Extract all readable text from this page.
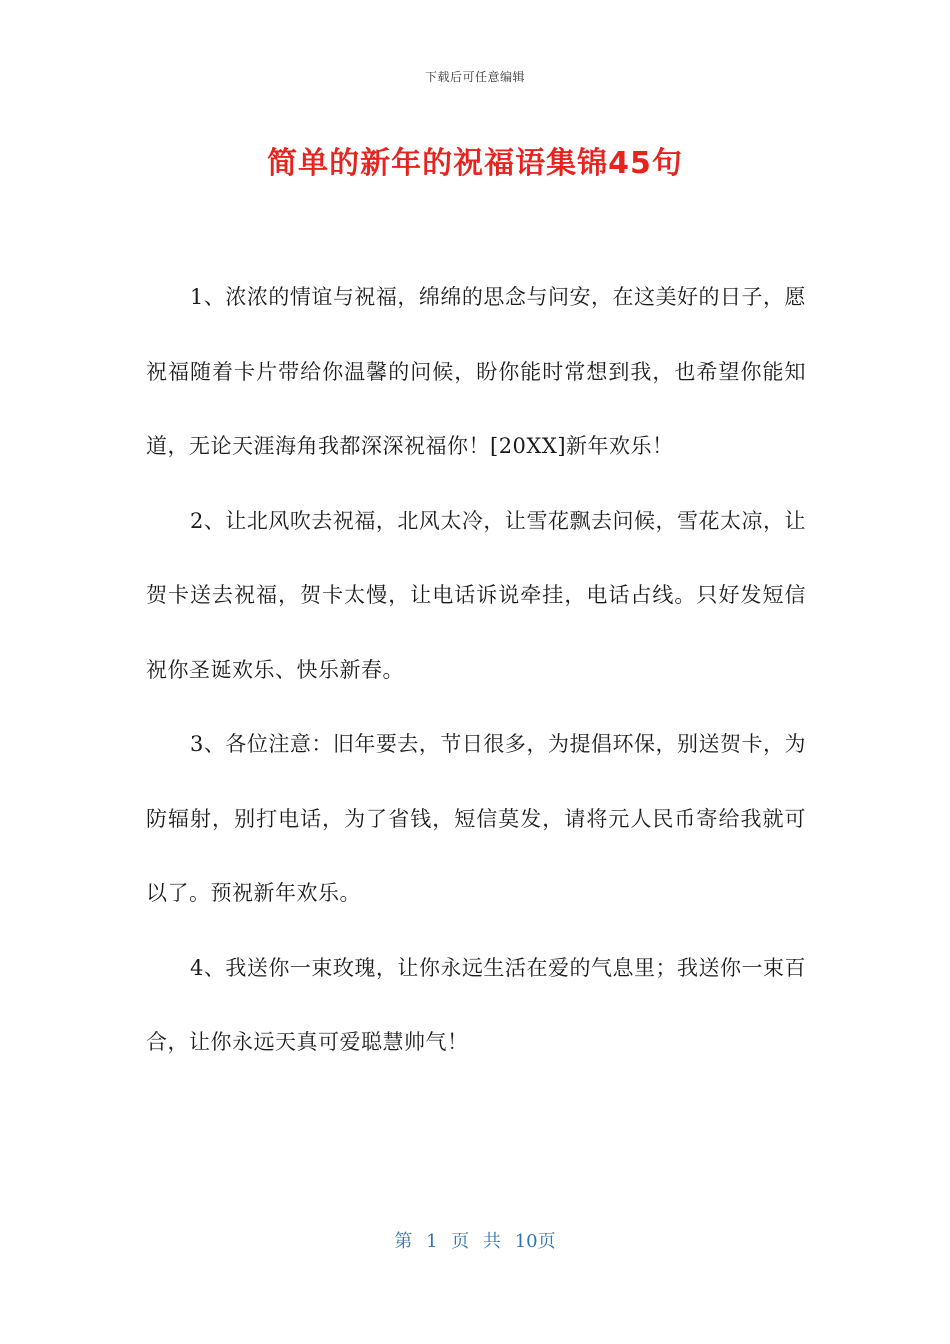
下载后可任意编辑
简单的新年的祝福语集锦45句

1、浓浓的情谊与祝福，绵绵的思念与问安，在这美好的日子，愿祝福随着卡片带给你温馨的问候，盼你能时常想到我，也希望你能知道，无论天涯海角我都深深祝福你！[20XX]新年欢乐！

2、让北风吹去祝福，北风太冷，让雪花飘去问候，雪花太凉，让贺卡送去祝福，贺卡太慢，让电话诉说牵挂，电话占线。只好发短信祝你圣诞欢乐、快乐新春。

3、各位注意：旧年要去，节日很多，为提倡环保，别送贺卡，为防辐射，别打电话，为了省钱，短信莫发，请将元人民币寄给我就可以了。预祝新年欢乐。

4、我送你一束玫瑰，让你永远生活在爱的气息里；我送你一束百合，让你永远天真可爱聪慧帅气！

第 1 页 共 10页
